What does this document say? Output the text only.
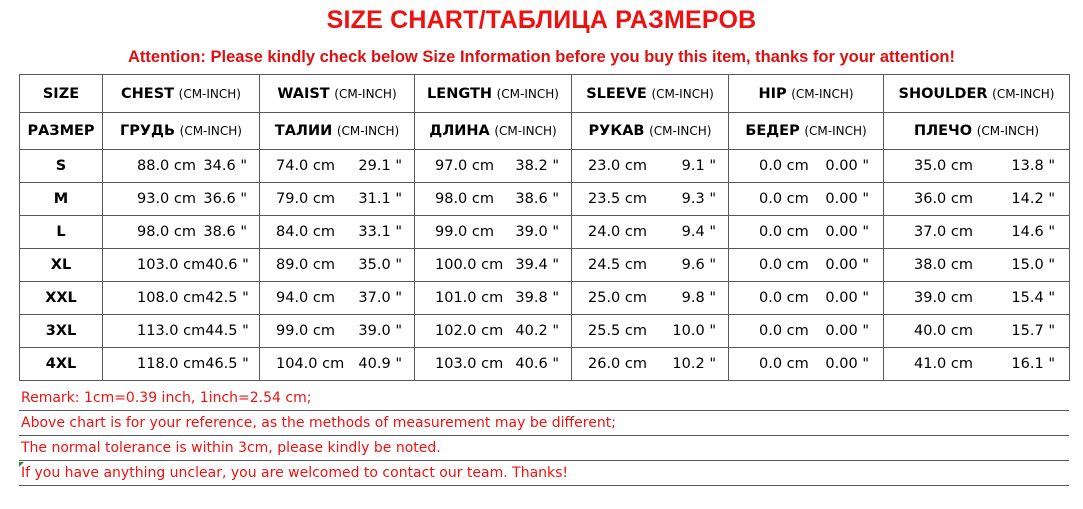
SIZE CHART/ТАБЛИЦА РАЗМЕРОВ
Attention: Please kindly check below Size Information before you buy this item, thanks for your attention!
SIZE	CHEST (CM-INCH)	WAIST (CM-INCH)	LENGTH (CM-INCH)	SLEEVE (CM-INCH)	HIP (CM-INCH)	SHOULDER (CM-INCH)
РАЗМЕР	ГРУДЬ (CM-INCH)	ТАЛИИ (CM-INCH)	ДЛИНА (CM-INCH)	РУКАВ (CM-INCH)	БЕДЕР (CM-INCH)	ПЛЕЧО (CM-INCH)
S	88.0 cm 34.6 "	74.0 cm 29.1 "	97.0 cm 38.2 "	23.0 cm 9.1 "	0.0 cm 0.00 "	35.0 cm 13.8 "

M	93.0 cm 36.6 "	79.0 cm 31.1 "	98.0 cm 38.6 "	23.5 cm 9.3 "	0.0 cm 0.00 "	36.0 cm 14.2 "

L	98.0 cm 38.6 "	84.0 cm 33.1 "	99.0 cm 39.0 "	24.0 cm 9.4 "	0.0 cm 0.00 "	37.0 cm 14.6 "

XL	103.0 cm 40.6 "	89.0 cm 35.0 "	100.0 cm 39.4 "	24.5 cm 9.6 "	0.0 cm 0.00 "	38.0 cm 15.0 "

XXL	108.0 cm 42.5 "	94.0 cm 37.0 "	101.0 cm 39.8 "	25.0 cm 9.8 "	0.0 cm 0.00 "	39.0 cm 15.4 "

3XL	113.0 cm 44.5 "	99.0 cm 39.0 "	102.0 cm 40.2 "	25.5 cm 10.0 "	0.0 cm 0.00 "	40.0 cm 15.7 "

4XL	118.0 cm 46.5 "	104.0 cm 40.9 "	103.0 cm 40.6 "	26.0 cm 10.2 "	0.0 cm 0.00 "	41.0 cm 16.1 "
Remark: 1cm=0.39 inch, 1inch=2.54 cm;
Above chart is for your reference, as the methods of measurement may be different;
The normal tolerance is within 3cm, please kindly be noted.
If you have anything unclear, you are welcomed to contact our team. Thanks!
